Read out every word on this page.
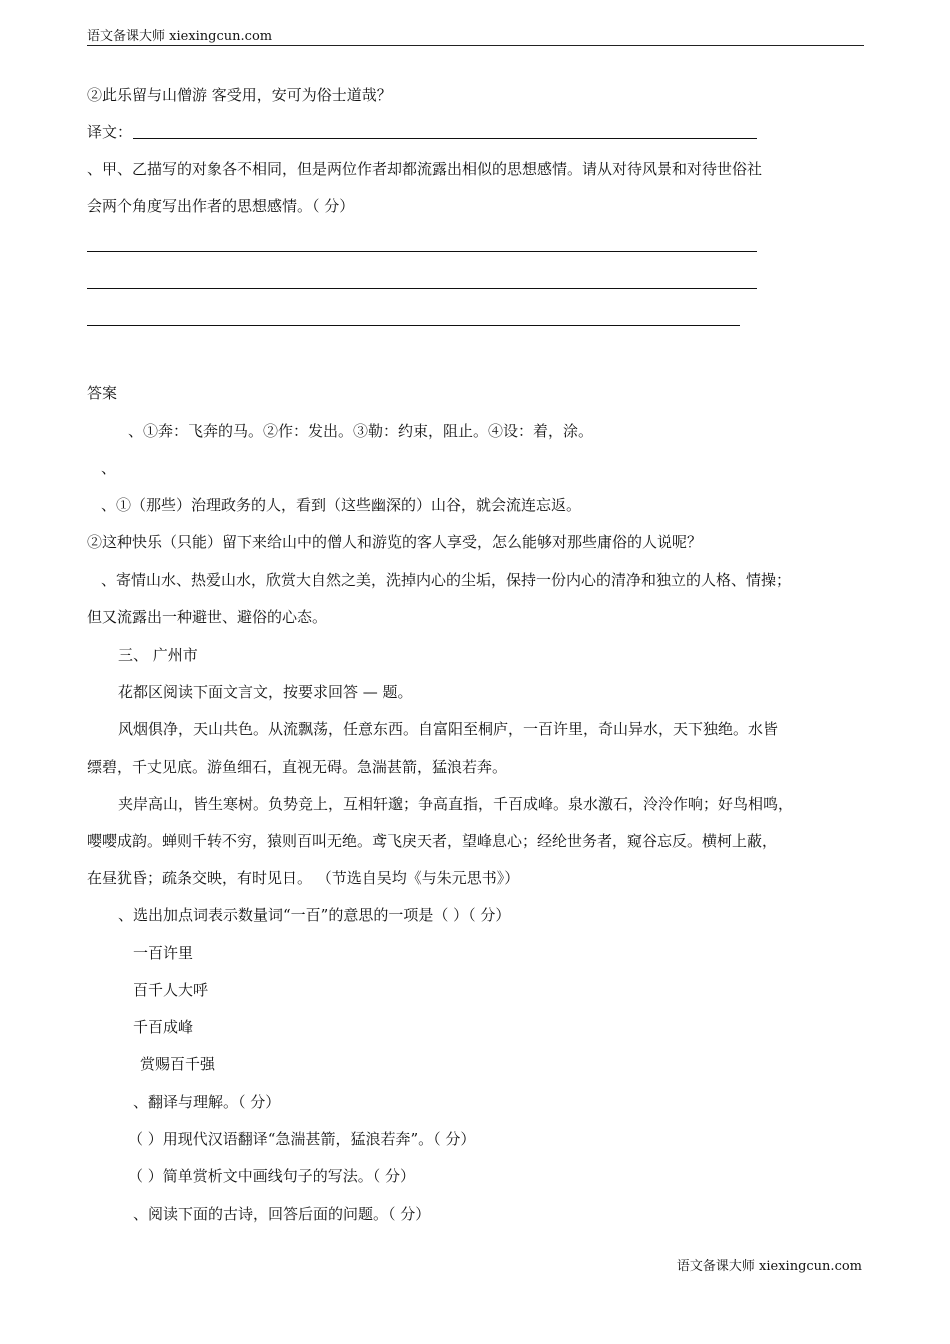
语文备课大师 xiexingcun.com
②此乐留与山僧游 客受用，安可为俗士道哉？
译文：
、甲、乙描写的对象各不相同，但是两位作者却都流露出相似的思想感情。请从对待风景和对待世俗社
会两个角度写出作者的思想感情。（ 分）
答案
、①奔：飞奔的马。②作：发出。③勒：约束，阻止。④设：着，涂。
、
、①（那些）治理政务的人，看到（这些幽深的）山谷，就会流连忘返。
②这种快乐（只能）留下来给山中的僧人和游览的客人享受，怎么能够对那些庸俗的人说呢？
、寄情山水、热爱山水，欣赏大自然之美，洗掉内心的尘垢，保持一份内心的清净和独立的人格、情操；
但又流露出一种避世、避俗的心态。
三、 广州市
花都区阅读下面文言文，按要求回答 — 题。
风烟俱净，天山共色。从流飘荡，任意东西。自富阳至桐庐，一百许里，奇山异水，天下独绝。水皆
缥碧，千丈见底。游鱼细石，直视无碍。急湍甚箭，猛浪若奔。
夹岸高山，皆生寒树。负势竞上，互相轩邈；争高直指，千百成峰。泉水激石，泠泠作响；好鸟相鸣，
嘤嘤成韵。蝉则千转不穷，猿则百叫无绝。鸢飞戾天者，望峰息心；经纶世务者，窥谷忘反。横柯上蔽，
在昼犹昏；疏条交映，有时见日。 （节选自吴均《与朱元思书》）
、选出加点词表示数量词“一百”的意思的一项是（ ）（ 分）
一百许里
百千人大呼
千百成峰
赏赐百千强
、翻译与理解。（ 分）
（ ）用现代汉语翻译“急湍甚箭，猛浪若奔”。（ 分）
（ ）简单赏析文中画线句子的写法。（ 分）
、阅读下面的古诗，回答后面的问题。（ 分）
语文备课大师 xiexingcun.com
